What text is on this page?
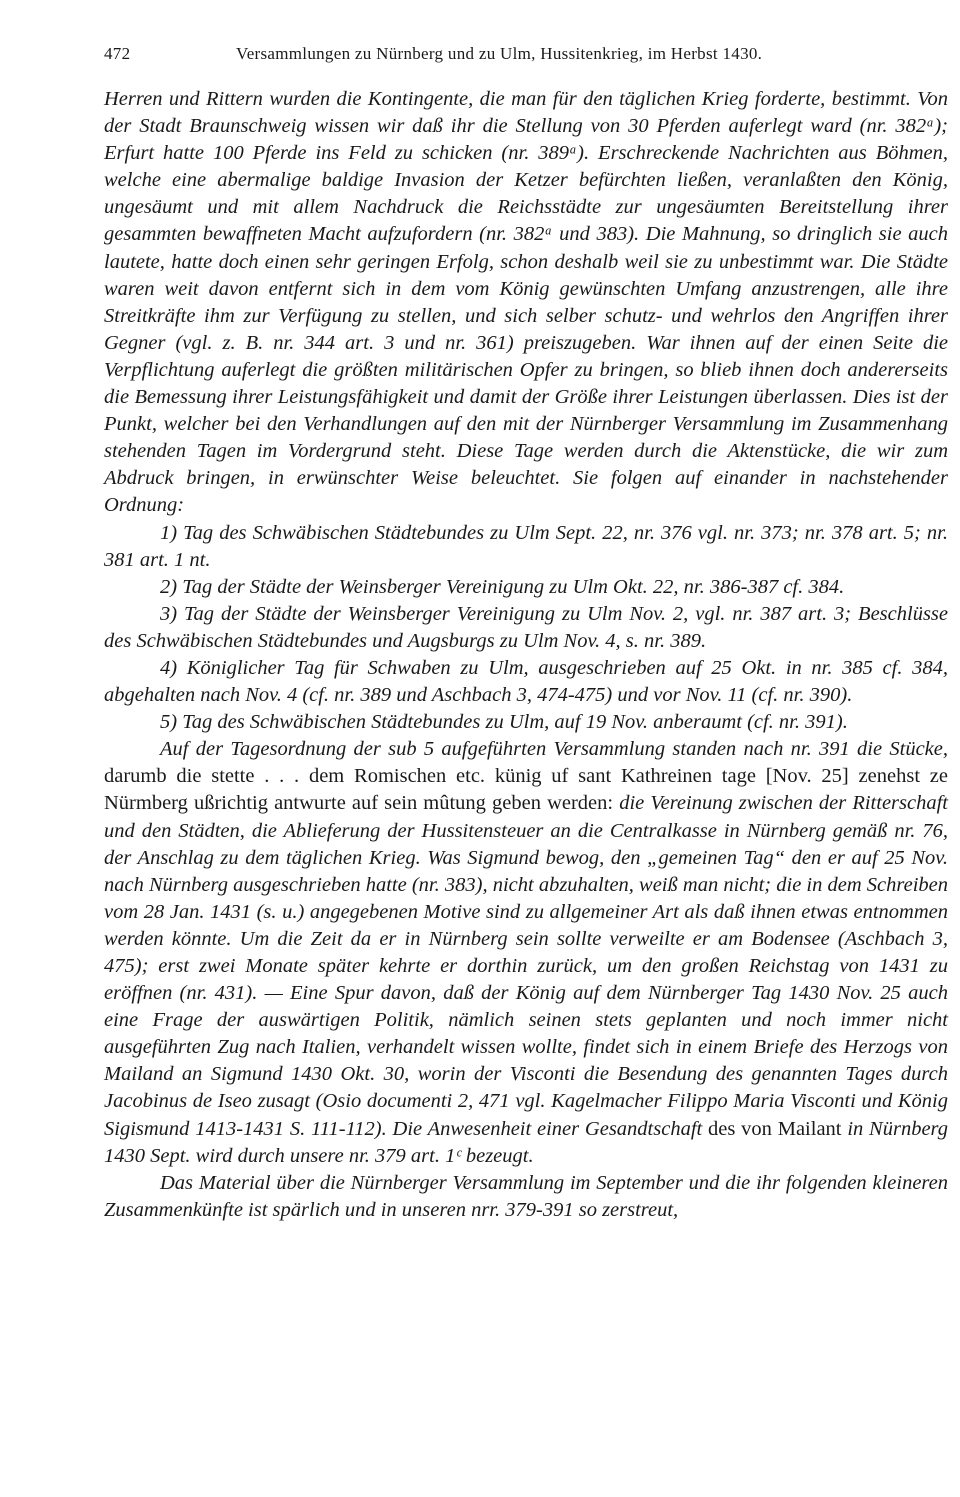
472	Versammlungen zu Nürnberg und zu Ulm, Hussitenkrieg, im Herbst 1430.

Herren und Rittern wurden die Kontingente, die man für den täglichen Krieg forderte, bestimmt. Von der Stadt Braunschweig wissen wir daß ihr die Stellung von 30 Pferden auferlegt ward (nr. 382ᵃ); Erfurt hatte 100 Pferde ins Feld zu schicken (nr. 389ᵃ). Erschreckende Nachrichten aus Böhmen, welche eine abermalige baldige Invasion der Ketzer befürchten ließen, veranlaßten den König, ungesäumt und mit allem Nachdruck die Reichsstädte zur ungesäumten Bereitstellung ihrer gesammten bewaffneten Macht aufzufordern (nr. 382ᵃ und 383). Die Mahnung, so dringlich sie auch lautete, hatte doch einen sehr geringen Erfolg, schon deshalb weil sie zu unbestimmt war. Die Städte waren weit davon entfernt sich in dem vom König gewünschten Umfang anzustrengen, alle ihre Streitkräfte ihm zur Verfügung zu stellen, und sich selber schutz- und wehrlos den Angriffen ihrer Gegner (vgl. z. B. nr. 344 art. 3 und nr. 361) preiszugeben. War ihnen auf der einen Seite die Verpflichtung auferlegt die größten militärischen Opfer zu bringen, so blieb ihnen doch andererseits die Bemessung ihrer Leistungsfähigkeit und damit der Größe ihrer Leistungen überlassen. Dies ist der Punkt, welcher bei den Verhandlungen auf den mit der Nürnberger Versammlung im Zusammenhang stehenden Tagen im Vordergrund steht. Diese Tage werden durch die Aktenstücke, die wir zum Abdruck bringen, in erwünschter Weise beleuchtet. Sie folgen auf einander in nachstehender Ordnung:

1) Tag des Schwäbischen Städtebundes zu Ulm Sept. 22, nr. 376 vgl. nr. 373; nr. 378 art. 5; nr. 381 art. 1 nt.

2) Tag der Städte der Weinsberger Vereinigung zu Ulm Okt. 22, nr. 386-387 cf. 384.

3) Tag der Städte der Weinsberger Vereinigung zu Ulm Nov. 2, vgl. nr. 387 art. 3; Beschlüsse des Schwäbischen Städtebundes und Augsburgs zu Ulm Nov. 4, s. nr. 389.

4) Königlicher Tag für Schwaben zu Ulm, ausgeschrieben auf 25 Okt. in nr. 385 cf. 384, abgehalten nach Nov. 4 (cf. nr. 389 und Aschbach 3, 474-475) und vor Nov. 11 (cf. nr. 390).

5) Tag des Schwäbischen Städtebundes zu Ulm, auf 19 Nov. anberaumt (cf. nr. 391).

Auf der Tagesordnung der sub 5 aufgeführten Versammlung standen nach nr. 391 die Stücke, darumb die stette . . . dem Romischen etc. künig uf sant Kathreinen tage [Nov. 25] zenehst ze Nürmberg ußrichtig antwurte auf sein mûtung geben werden: die Vereinung zwischen der Ritterschaft und den Städten, die Ablieferung der Hussitensteuer an die Centralkasse in Nürnberg gemäß nr. 76, der Anschlag zu dem täglichen Krieg. Was Sigmund bewog, den „gemeinen Tag“ den er auf 25 Nov. nach Nürnberg ausgeschrieben hatte (nr. 383), nicht abzuhalten, weiß man nicht; die in dem Schreiben vom 28 Jan. 1431 (s. u.) angegebenen Motive sind zu allgemeiner Art als daß ihnen etwas entnommen werden könnte. Um die Zeit da er in Nürnberg sein sollte verweilte er am Bodensee (Aschbach 3, 475); erst zwei Monate später kehrte er dorthin zurück, um den großen Reichstag von 1431 zu eröffnen (nr. 431). — Eine Spur davon, daß der König auf dem Nürnberger Tag 1430 Nov. 25 auch eine Frage der auswärtigen Politik, nämlich seinen stets geplanten und noch immer nicht ausgeführten Zug nach Italien, verhandelt wissen wollte, findet sich in einem Briefe des Herzogs von Mailand an Sigmund 1430 Okt. 30, worin der Visconti die Besendung des genannten Tages durch Jacobinus de Iseo zusagt (Osio documenti 2, 471 vgl. Kagelmacher Filippo Maria Visconti und König Sigismund 1413-1431 S. 111-112). Die Anwesenheit einer Gesandtschaft des von Mailant in Nürnberg 1430 Sept. wird durch unsere nr. 379 art. 1ᶜ bezeugt.

Das Material über die Nürnberger Versammlung im September und die ihr folgenden kleineren Zusammenkünfte ist spärlich und in unseren nrr. 379-391 so zerstreut,
